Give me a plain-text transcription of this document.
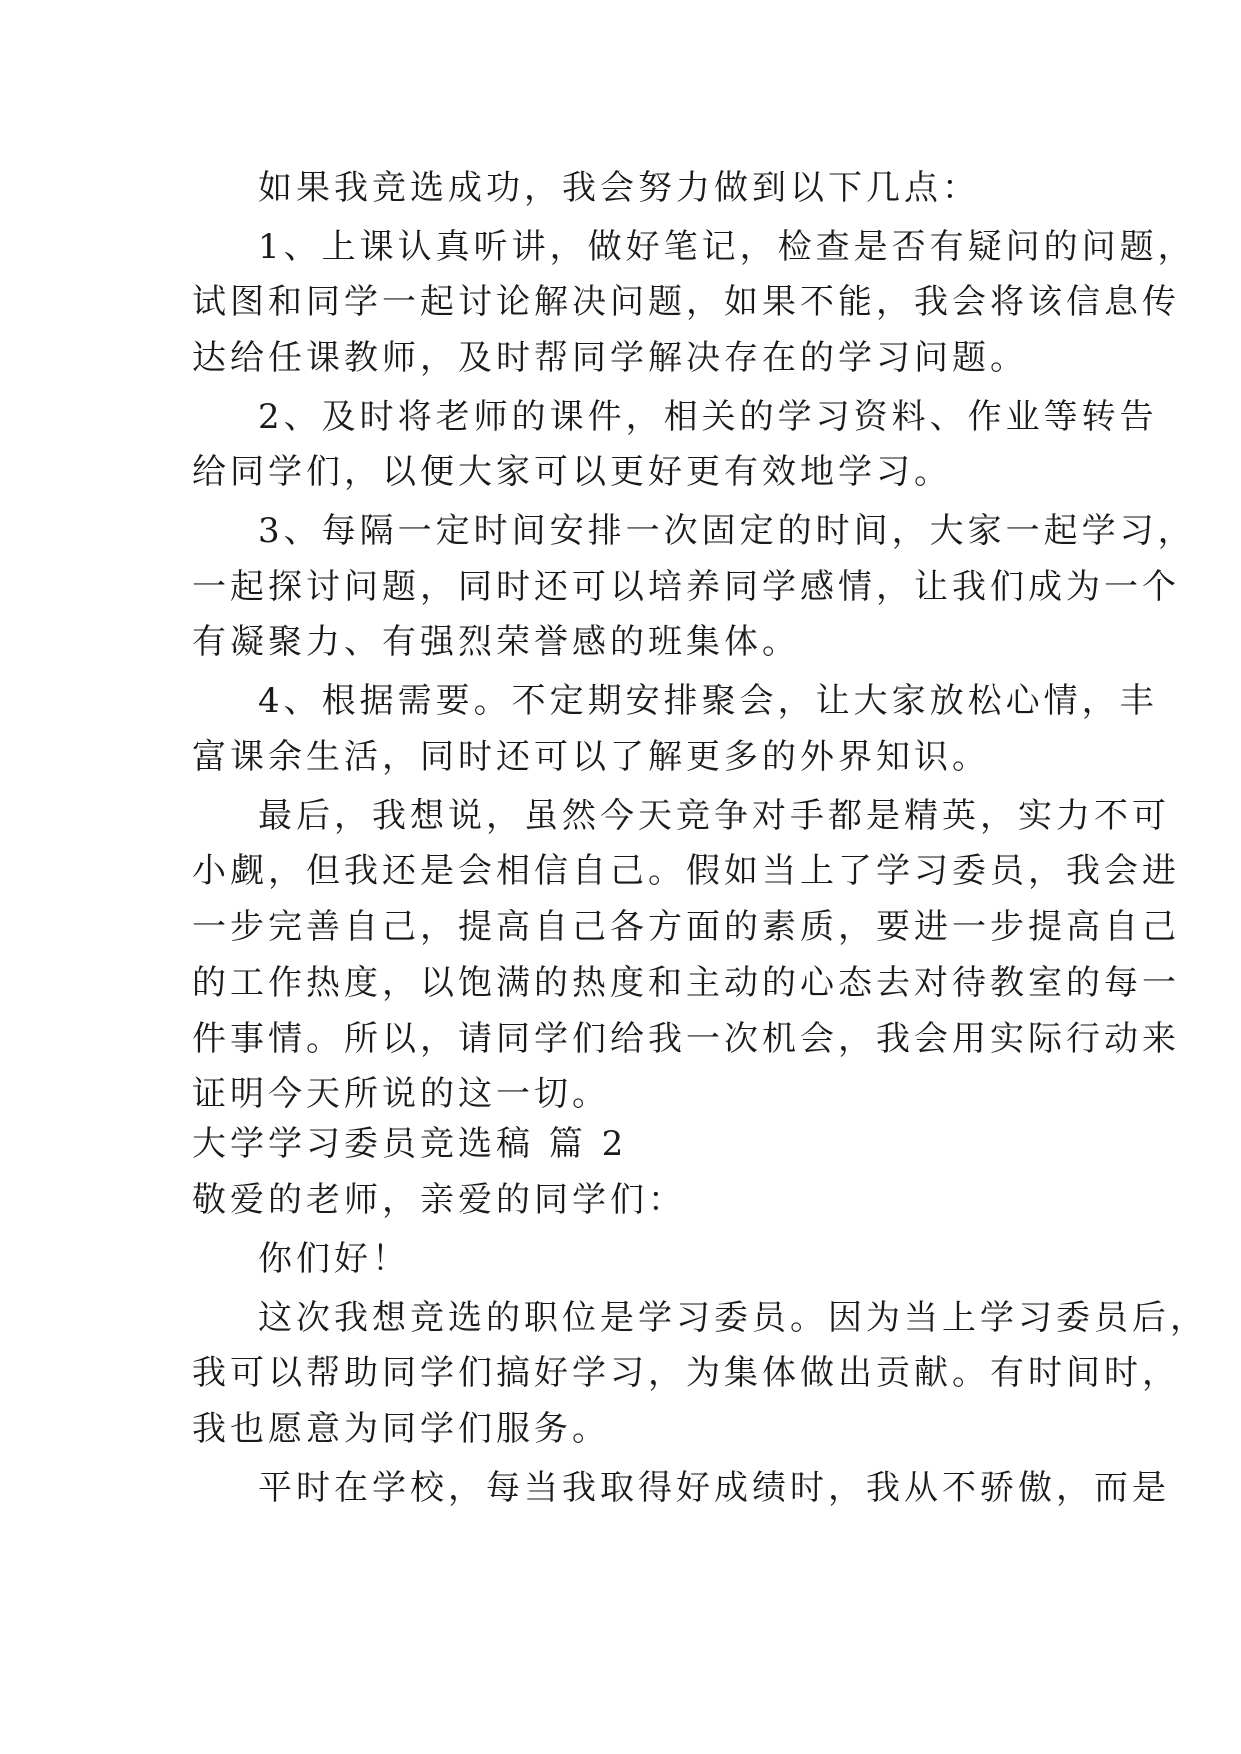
如果我竞选成功，我会努力做到以下几点：
1、上课认真听讲，做好笔记，检查是否有疑问的问题，
试图和同学一起讨论解决问题，如果不能，我会将该信息传
达给任课教师，及时帮同学解决存在的学习问题。
2、及时将老师的课件，相关的学习资料、作业等转告
给同学们，以便大家可以更好更有效地学习。
3、每隔一定时间安排一次固定的时间，大家一起学习，
一起探讨问题，同时还可以培养同学感情，让我们成为一个
有凝聚力、有强烈荣誉感的班集体。
4、根据需要。不定期安排聚会，让大家放松心情，丰
富课余生活，同时还可以了解更多的外界知识。
最后，我想说，虽然今天竞争对手都是精英，实力不可
小觑，但我还是会相信自己。假如当上了学习委员，我会进
一步完善自己，提高自己各方面的素质，要进一步提高自己
的工作热度，以饱满的热度和主动的心态去对待教室的每一
件事情。所以，请同学们给我一次机会，我会用实际行动来
证明今天所说的这一切。
大学学习委员竞选稿 篇 2
敬爱的老师，亲爱的同学们：
你们好！
这次我想竞选的职位是学习委员。因为当上学习委员后，
我可以帮助同学们搞好学习，为集体做出贡献。有时间时，
我也愿意为同学们服务。
平时在学校，每当我取得好成绩时，我从不骄傲，而是
